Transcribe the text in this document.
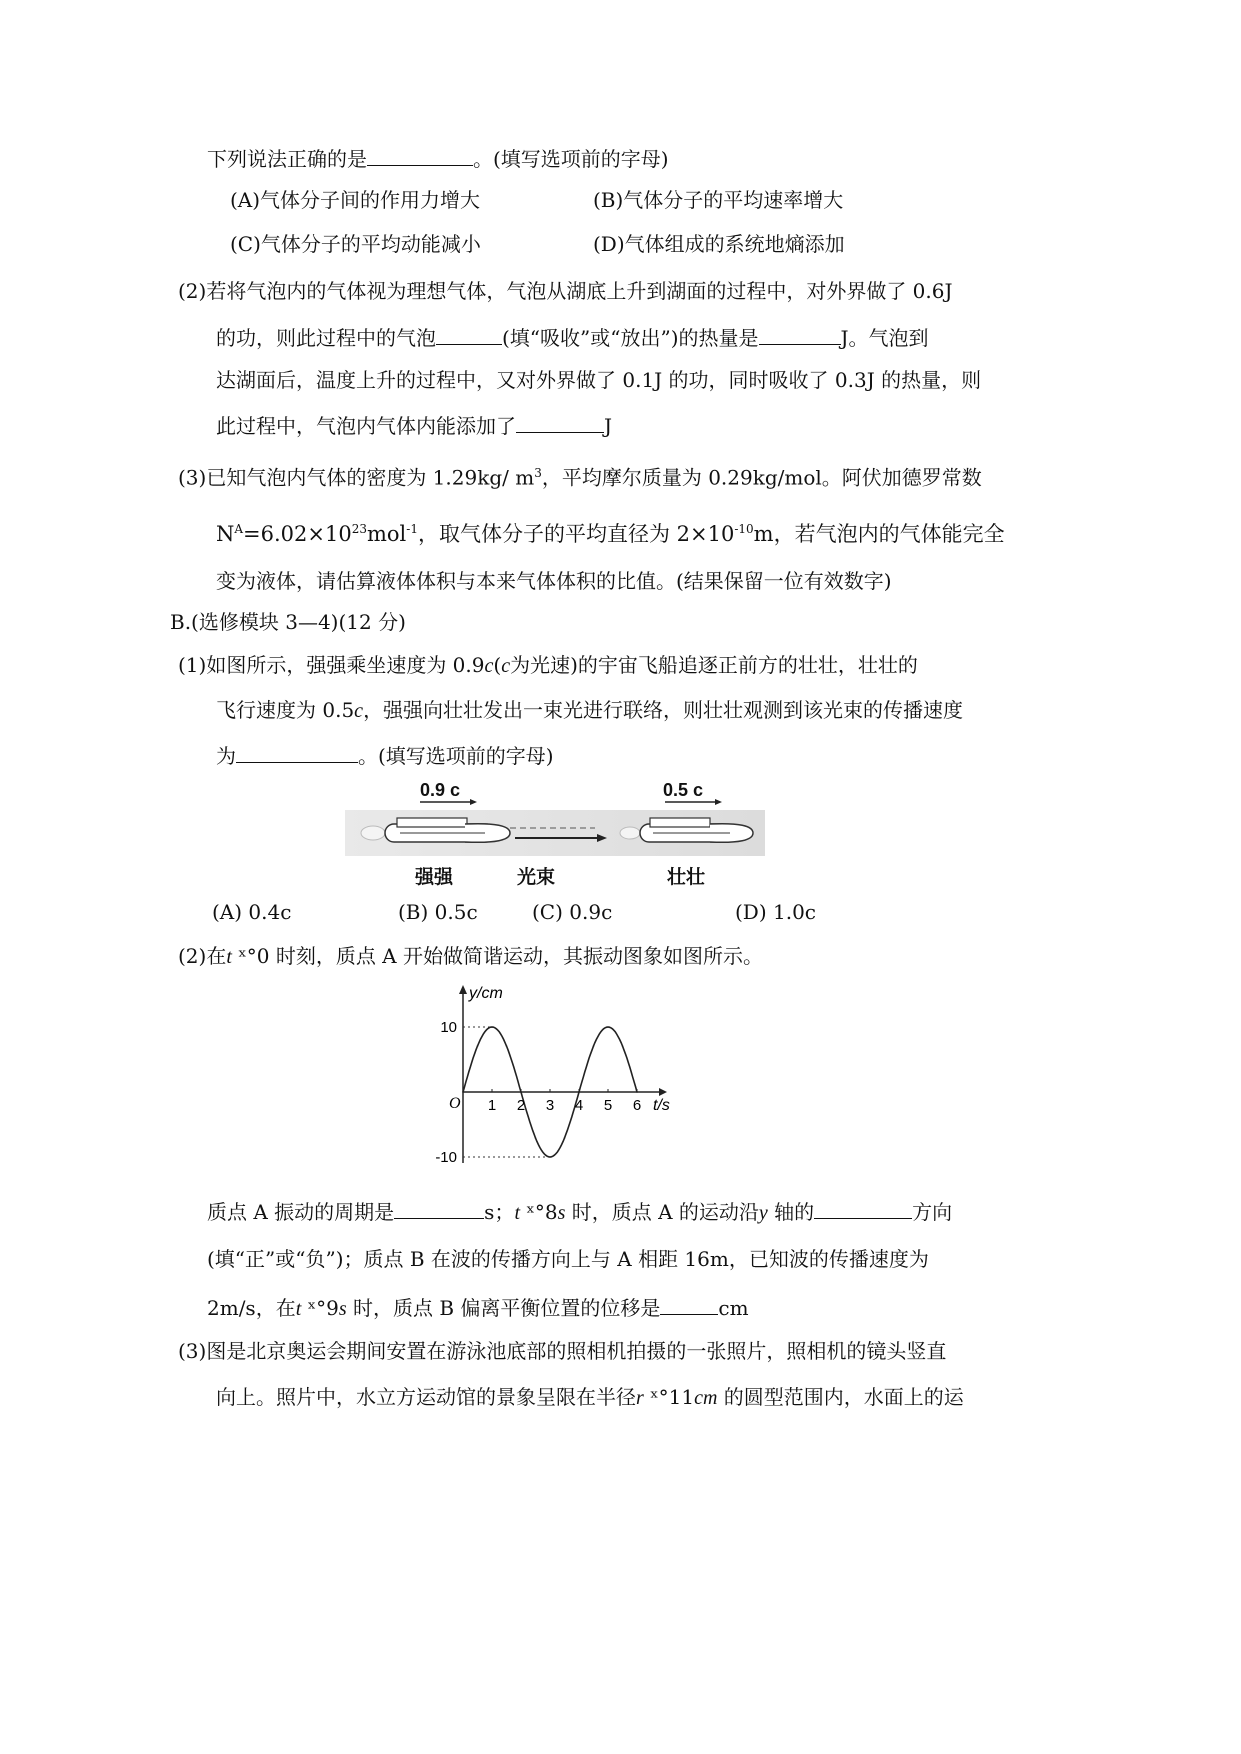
下列说法正确的是	。(填写选项前的字母)
(A)气体分子间的作用力增大	(B)气体分子的平均速率增大
(C)气体分子的平均动能减小	(D)气体组成的系统地熵添加
(2)若将气泡内的气体视为理想气体，气泡从湖底上升到湖面的过程中，对外界做了 0.6J
的功，则此过程中的气泡	(填“吸收”或“放出”)的热量是	J。气泡到
达湖面后，温度上升的过程中，又对外界做了 0.1J 的功，同时吸收了 0.3J 的热量，则
此过程中，气泡内气体内能添加了	J
(3)已知气泡内气体的密度为 1.29kg/ $m^3$，平均摩尔质量为 0.29kg/mol。阿伏加德罗常数
$N^A=6.02\times 10^{23}mol^{-1}$，取气体分子的平均直径为 $2\times 10^{-10}m$，若气泡内的气体能完全
变为液体，请估算液体体积与本来气体体积的比值。(结果保留一位有效数字)
B.(选修模块 3—4)(12 分)
(1)如图所示，强强乘坐速度为 0.9c(c为光速)的宇宙飞船追逐正前方的壮壮，壮壮的
飞行速度为 0.5c，强强向壮壮发出一束光进行联络，则壮壮观测到该光束的传播速度
为	。(填写选项前的字母)
0.9 c	0.5 c
强强	光束	壮壮
(A) 0.4c	(B) 0.5c	(C) 0.9c	(D) 1.0c
(2)在t ˣ°0 时刻，质点 A 开始做简谐运动，其振动图象如图所示。
1 2 3 4 5 6
10
-10
O
y/cm
t/s
质点 A 振动的周期是	s；t ˣ°8s 时，质点 A 的运动沿y 轴的	方向
(填“正”或“负”)；质点 B 在波的传播方向上与 A 相距 16m，已知波的传播速度为
2m/s，在t ˣ°9s 时，质点 B 偏离平衡位置的位移是	cm
(3)图是北京奥运会期间安置在游泳池底部的照相机拍摄的一张照片，照相机的镜头竖直
向上。照片中，水立方运动馆的景象呈限在半径r ˣ°11cm 的圆型范围内，水面上的运
